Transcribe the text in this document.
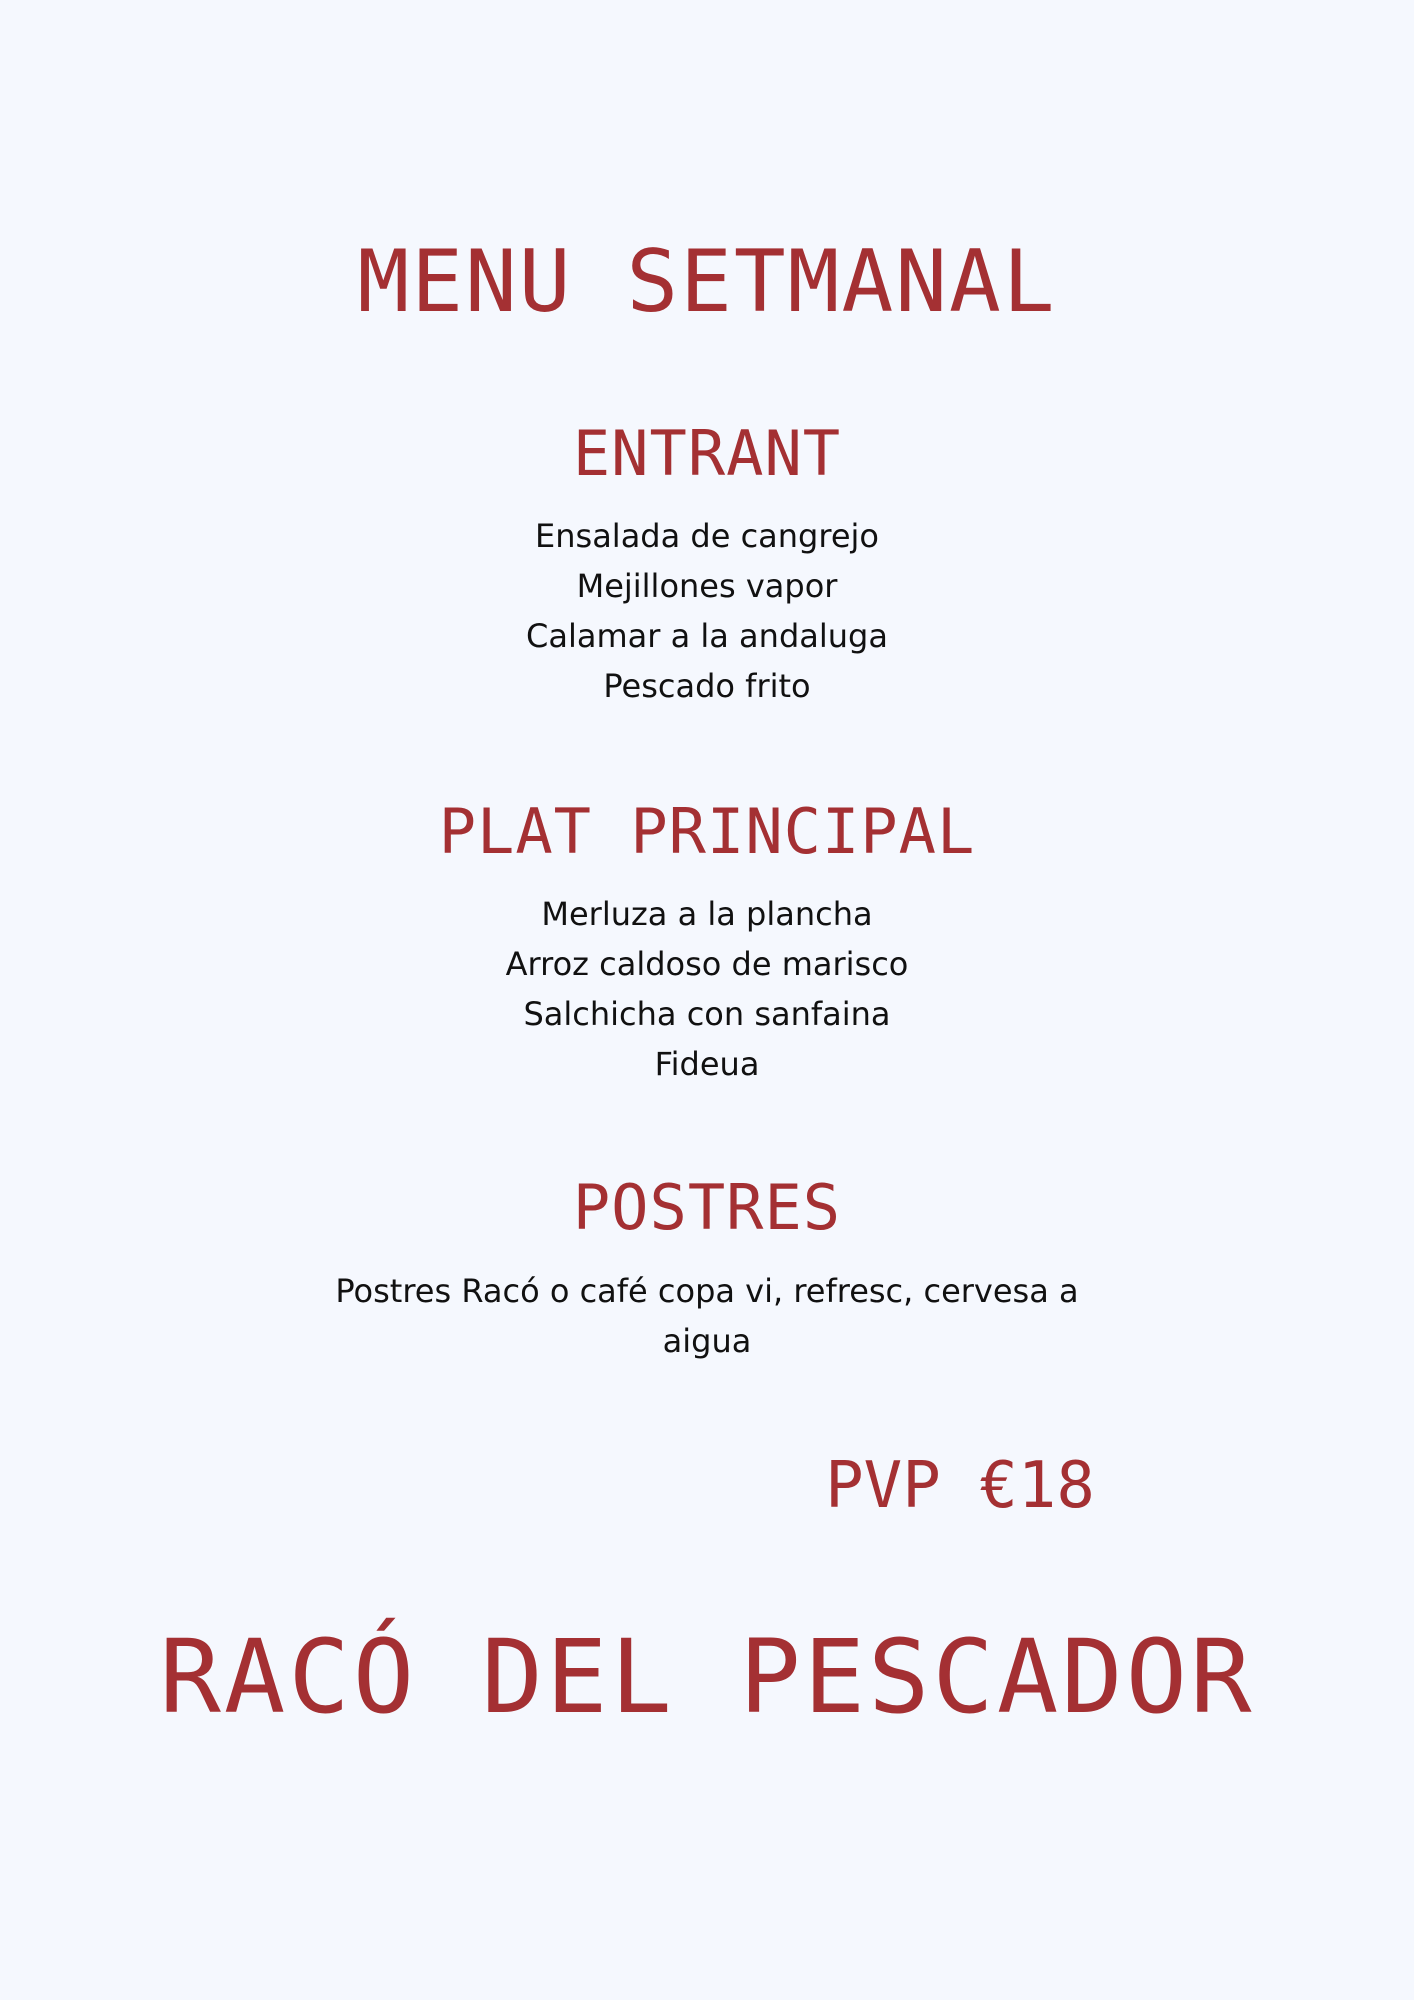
MENU SETMANAL
ENTRANT
Ensalada de cangrejo
Mejillones vapor
Calamar a la andaluga
Pescado frito
PLAT PRINCIPAL
Merluza a la plancha
Arroz caldoso de marisco
Salchicha con sanfaina
Fideua
POSTRES

Postres Racó o café copa vi, refresc, cervesa a aigua

PVP €18

RACÓ DEL PESCADOR
